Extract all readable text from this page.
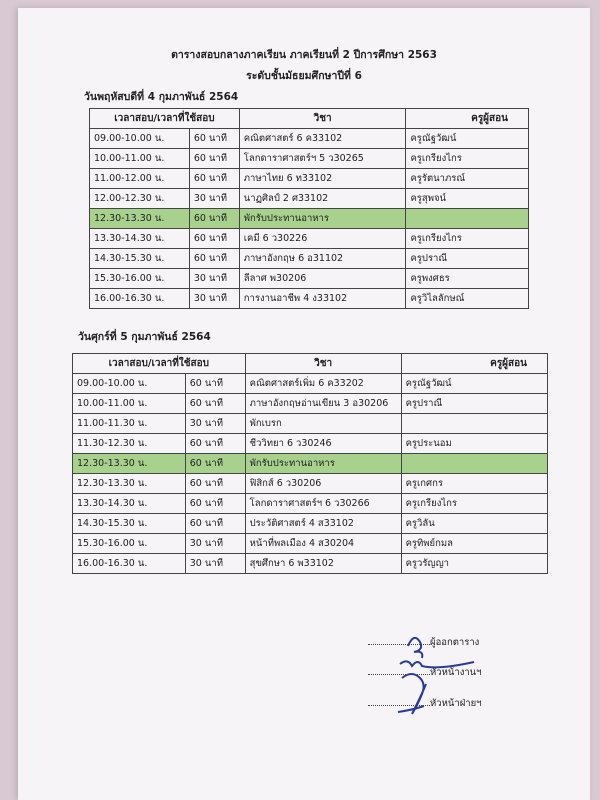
ตารางสอบกลางภาคเรียน ภาคเรียนที่ 2 ปีการศึกษา 2563
ระดับชั้นมัธยมศึกษาปีที่ 6
วันพฤหัสบดีที่ 4 กุมภาพันธ์ 2564
เวลาสอบ/เวลาที่ใช้สอบ		วิชา	ครูผู้สอน
09.00-10.00 น.	60 นาที	คณิตศาสตร์ 6 ค33102	ครูณัฐวัฒน์
10.00-11.00 น.	60 นาที	โลกดาราศาสตร์ฯ 5 ว30265	ครูเกรียงไกร
11.00-12.00 น.	60 นาที	ภาษาไทย 6 ท33102	ครูรัตนาภรณ์
12.00-12.30 น.	30 นาที	นาฏศิลป์ 2 ศ33102	ครูสุพจน์
12.30-13.30 น.	60 นาที	พักรับประทานอาหาร	
13.30-14.30 น.	60 นาที	เคมี 6 ว30226	ครูเกรียงไกร
14.30-15.30 น.	60 นาที	ภาษาอังกฤษ 6 อ31102	ครูปราณี
15.30-16.00 น.	30 นาที	ลีลาศ พ30206	ครูพงศธร
16.00-16.30 น.	30 นาที	การงานอาชีพ 4 ง33102	ครูวิไลลักษณ์
วันศุกร์ที่ 5 กุมภาพันธ์ 2564
เวลาสอบ/เวลาที่ใช้สอบ		วิชา	ครูผู้สอน
09.00-10.00 น.	60 นาที	คณิตศาสตร์เพิ่ม 6 ค33202	ครูณัฐวัฒน์
10.00-11.00 น.	60 นาที	ภาษาอังกฤษอ่านเขียน 3 อ30206	ครูปราณี
11.00-11.30 น.	30 นาที	พักเบรก	
11.30-12.30 น.	60 นาที	ชีววิทยา 6 ว30246	ครูประนอม
12.30-13.30 น.	60 นาที	พักรับประทานอาหาร	
12.30-13.30 น.	60 นาที	ฟิสิกส์ 6 ว30206	ครูเกศกร
13.30-14.30 น.	60 นาที	โลกดาราศาสตร์ฯ 6 ว30266	ครูเกรียงไกร
14.30-15.30 น.	60 นาที	ประวัติศาสตร์ 4 ส33102	ครูวิลัน
15.30-16.00 น.	30 นาที	หน้าที่พลเมือง 4 ส30204	ครูทิพย์กมล
16.00-16.30 น.	30 นาที	สุขศึกษา 6 พ33102	ครูวรัญญา
ผู้ออกตาราง
หัวหน้างานฯ
หัวหน้าฝ่ายฯ
